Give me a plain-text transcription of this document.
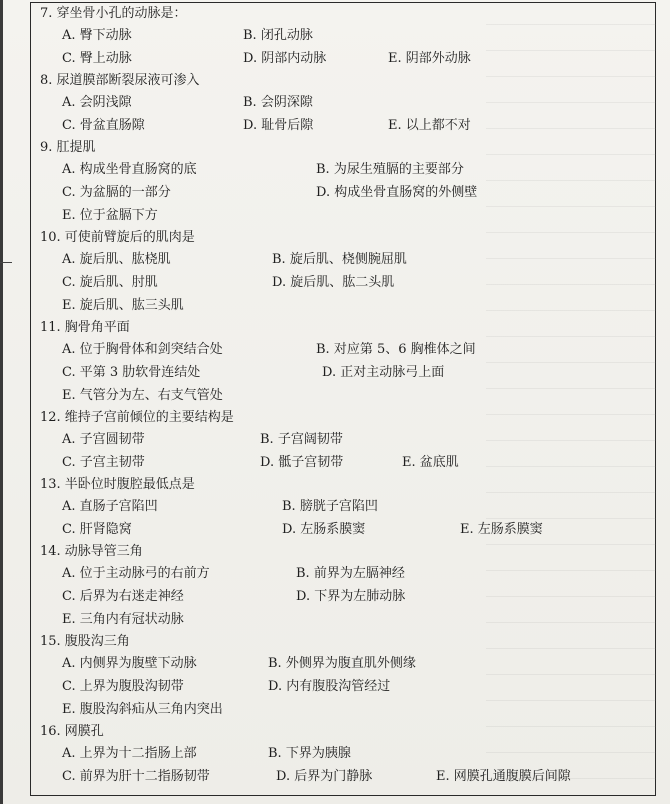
7. 穿坐骨小孔的动脉是：
A. 臀下动脉	B. 闭孔动脉
C. 臀上动脉	D. 阴部内动脉	E. 阴部外动脉
8. 尿道膜部断裂尿液可渗入
A. 会阴浅隙	B. 会阴深隙
C. 骨盆直肠隙	D. 耻骨后隙	E. 以上都不对
9. 肛提肌
A. 构成坐骨直肠窝的底	B. 为尿生殖膈的主要部分
C. 为盆膈的一部分	D. 构成坐骨直肠窝的外侧壁
E. 位于盆膈下方
10. 可使前臂旋后的肌肉是
A. 旋后肌、肱桡肌	B. 旋后肌、桡侧腕屈肌
C. 旋后肌、肘肌	D. 旋后肌、肱二头肌
E. 旋后肌、肱三头肌
11. 胸骨角平面
A. 位于胸骨体和剑突结合处	B. 对应第 5、6 胸椎体之间
C. 平第 3 肋软骨连结处	D. 正对主动脉弓上面
E. 气管分为左、右支气管处
12. 维持子宫前倾位的主要结构是
A. 子宫圆韧带	B. 子宫阔韧带
C. 子宫主韧带	D. 骶子宫韧带	E. 盆底肌
13. 半卧位时腹腔最低点是
A. 直肠子宫陷凹	B. 膀胱子宫陷凹
C. 肝肾隐窝	D. 左肠系膜窦	E. 左肠系膜窦
14. 动脉导管三角
A. 位于主动脉弓的右前方	B. 前界为左膈神经
C. 后界为右迷走神经	D. 下界为左肺动脉
E. 三角内有冠状动脉
15. 腹股沟三角
A. 内侧界为腹壁下动脉	B. 外侧界为腹直肌外侧缘
C. 上界为腹股沟韧带	D. 内有腹股沟管经过
E. 腹股沟斜疝从三角内突出
16. 网膜孔
A. 上界为十二指肠上部	B. 下界为胰腺
C. 前界为肝十二指肠韧带	D. 后界为门静脉	E. 网膜孔通腹膜后间隙
